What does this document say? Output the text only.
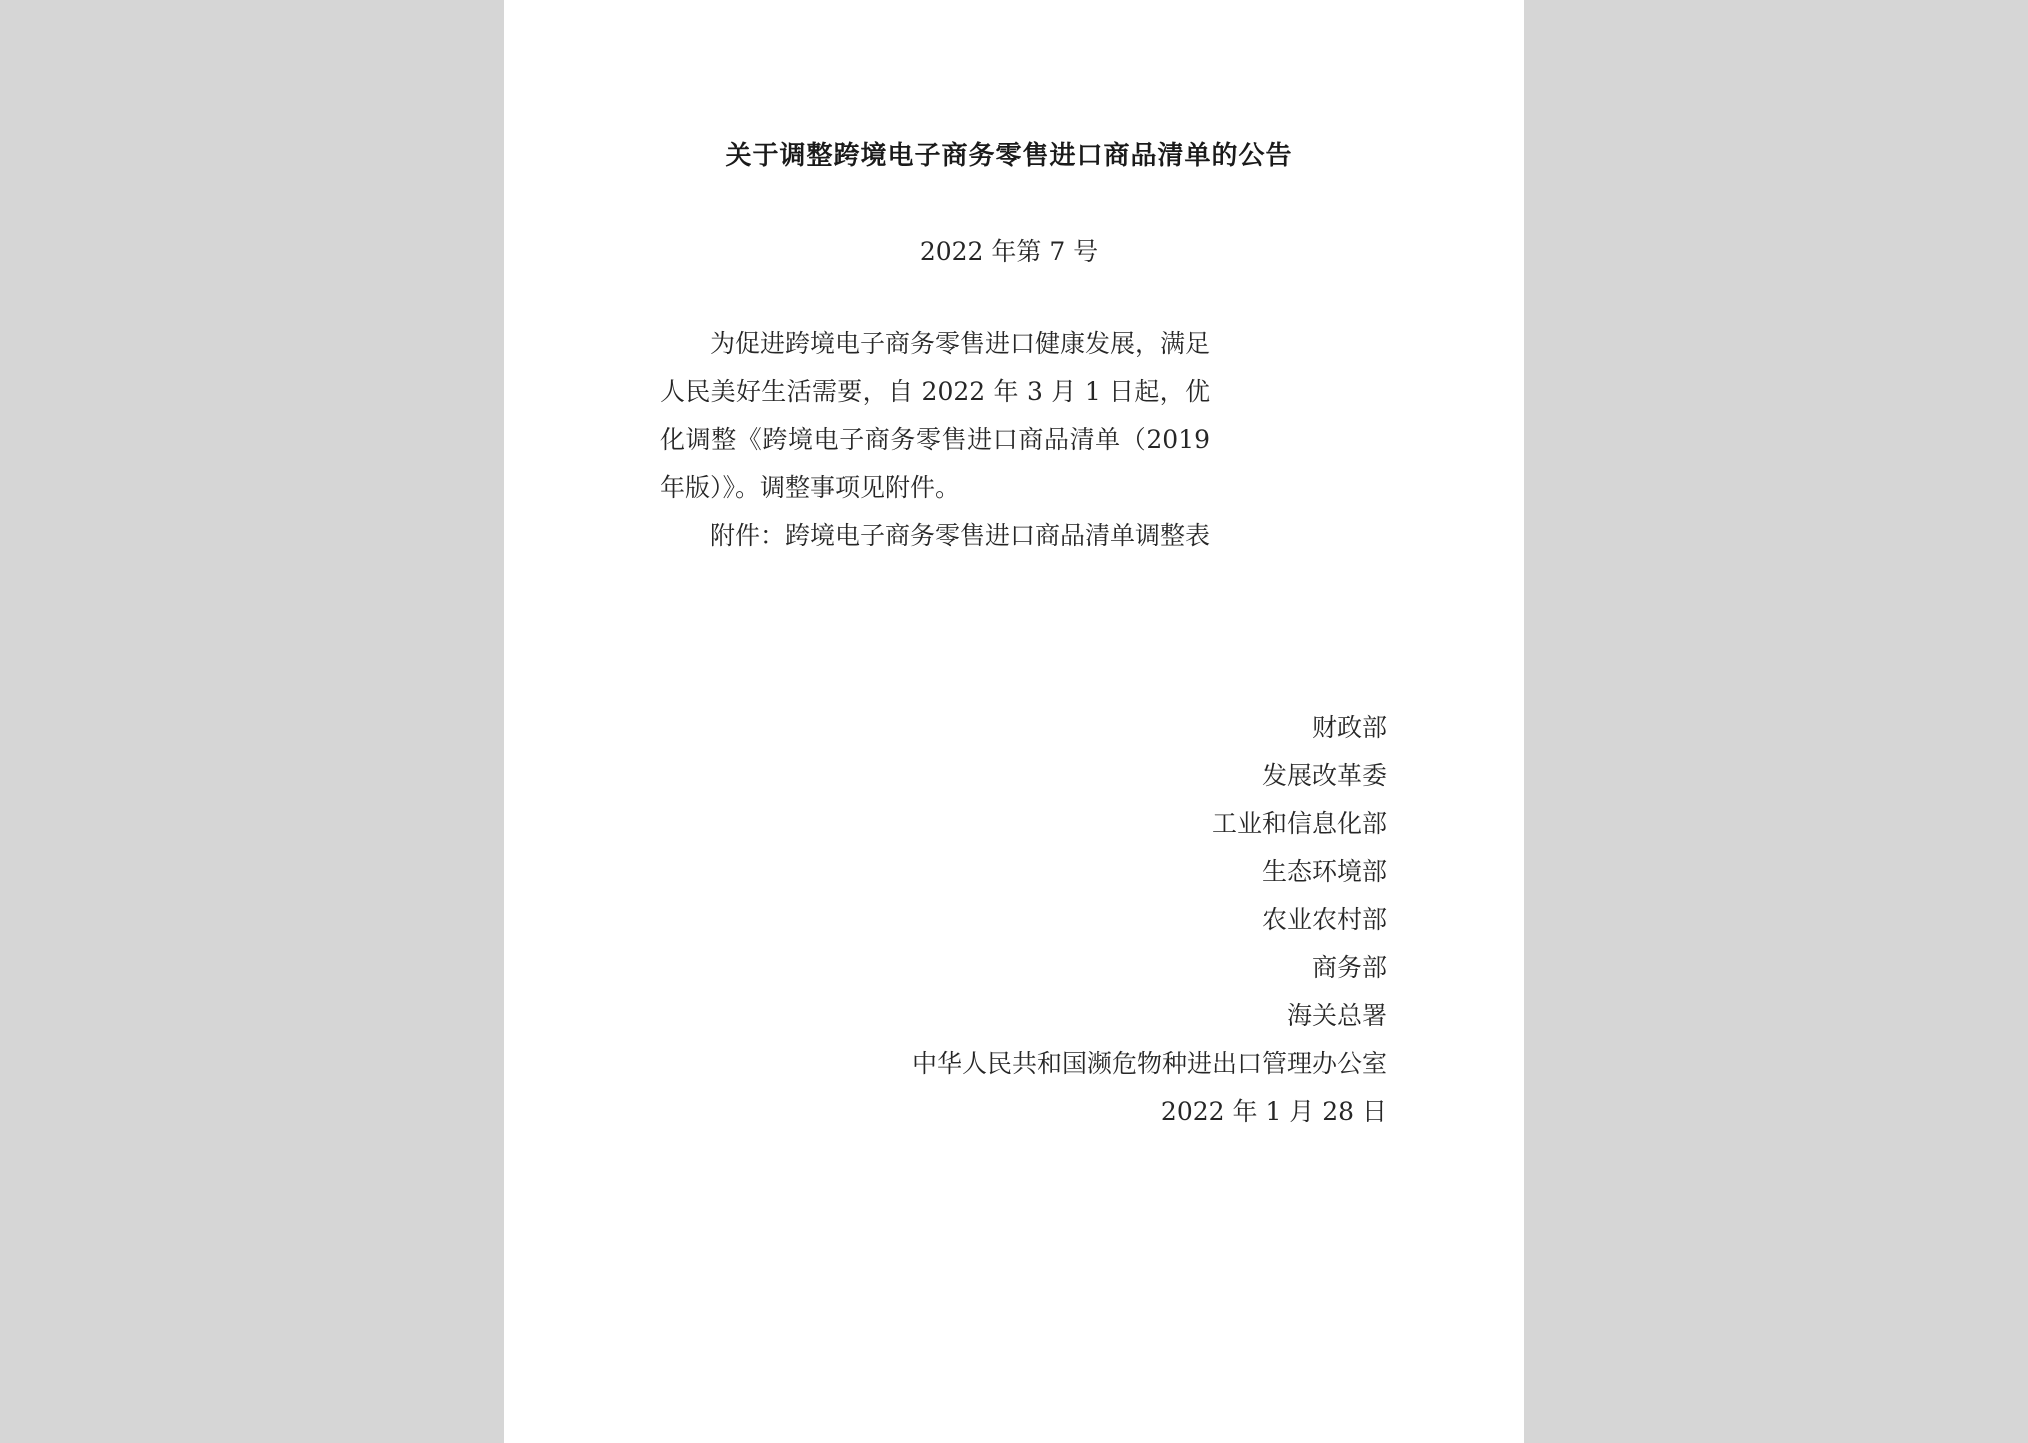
关于调整跨境电子商务零售进口商品清单的公告
2022 年第 7 号

为促进跨境电子商务零售进口健康发展，满足人民美好生活需要，自 2022 年 3 月 1 日起，优化调整《跨境电子商务零售进口商品清单（2019 年版）》。调整事项见附件。

附件：跨境电子商务零售进口商品清单调整表

财政部
发展改革委
工业和信息化部
生态环境部
农业农村部
商务部
海关总署
中华人民共和国濒危物种进出口管理办公室
2022 年 1 月 28 日
